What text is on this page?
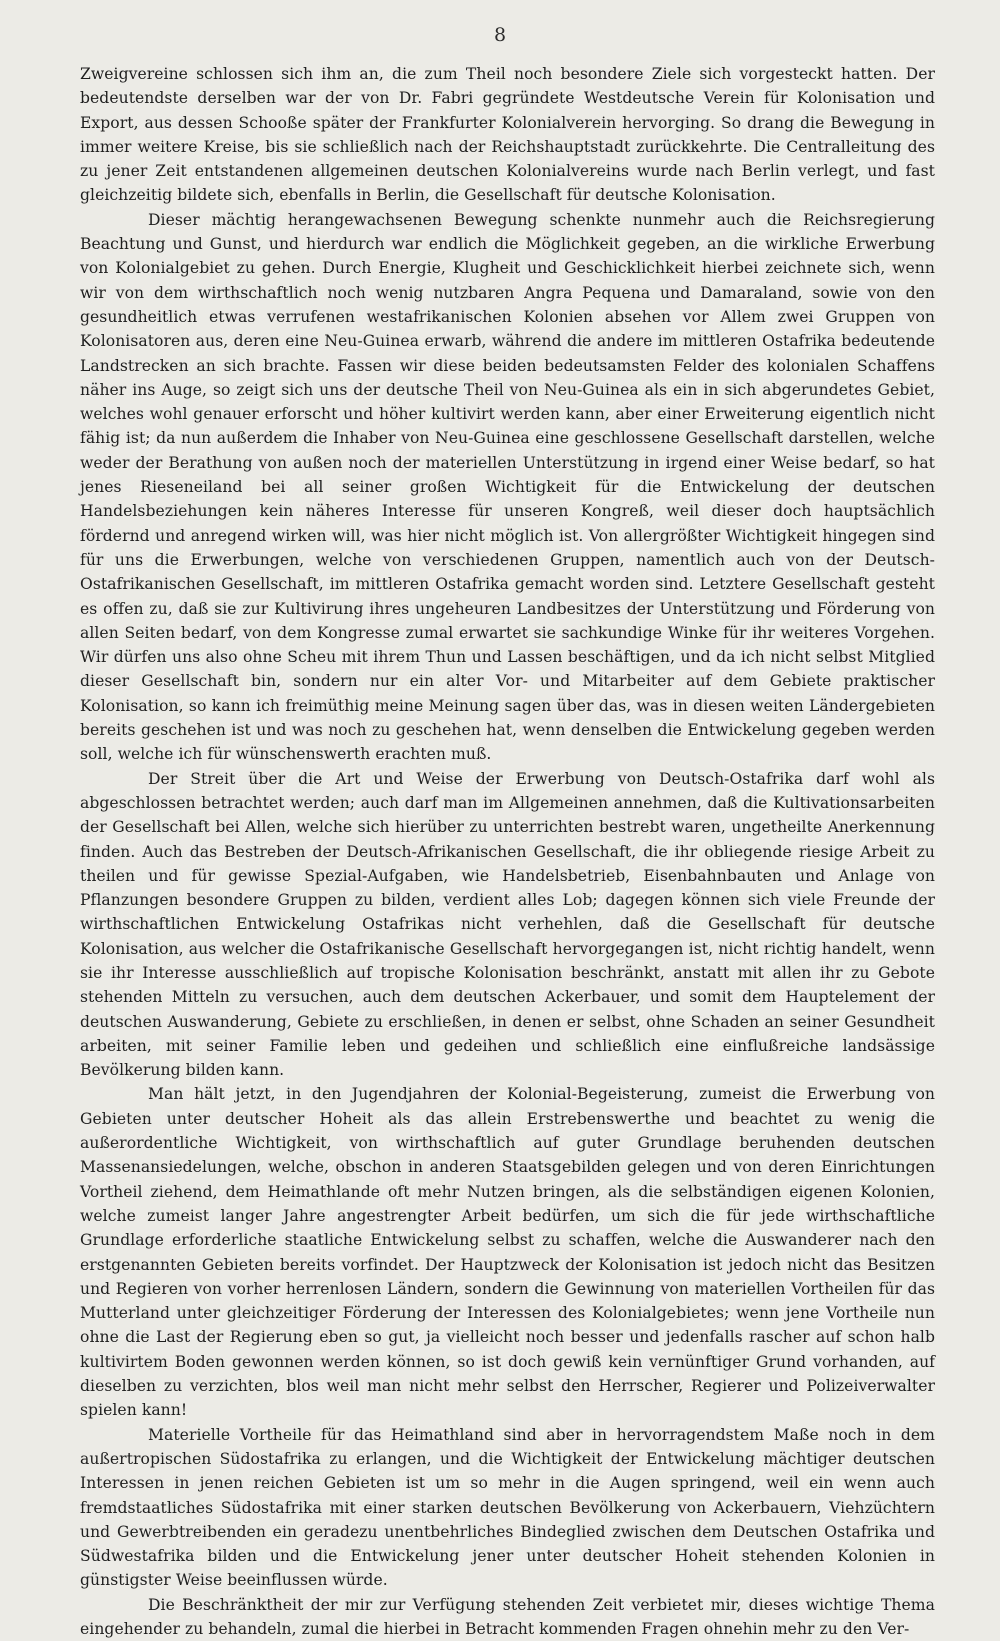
8

Zweigvereine schlossen sich ihm an, die zum Theil noch besondere Ziele sich vorgesteckt hatten. Der bedeutendste derselben war der von Dr. Fabri gegründete Westdeutsche Verein für Kolonisation und Export, aus dessen Schooße später der Frankfurter Kolonialverein hervorging. So drang die Bewegung in immer weitere Kreise, bis sie schließlich nach der Reichshauptstadt zurückkehrte. Die Centralleitung des zu jener Zeit entstandenen allgemeinen deutschen Kolonialvereins wurde nach Berlin verlegt, und fast gleichzeitig bildete sich, ebenfalls in Berlin, die Gesellschaft für deutsche Kolonisation.

Dieser mächtig herangewachsenen Bewegung schenkte nunmehr auch die Reichsregierung Beachtung und Gunst, und hierdurch war endlich die Möglichkeit gegeben, an die wirkliche Erwerbung von Kolonialgebiet zu gehen. Durch Energie, Klugheit und Geschicklichkeit hierbei zeichnete sich, wenn wir von dem wirthschaftlich noch wenig nutzbaren Angra Pequena und Damaraland, sowie von den gesundheitlich etwas verrufenen westafrikanischen Kolonien absehen vor Allem zwei Gruppen von Kolonisatoren aus, deren eine Neu-Guinea erwarb, während die andere im mittleren Ostafrika bedeutende Landstrecken an sich brachte. Fassen wir diese beiden bedeutsamsten Felder des kolonialen Schaffens näher ins Auge, so zeigt sich uns der deutsche Theil von Neu-Guinea als ein in sich abgerundetes Gebiet, welches wohl genauer erforscht und höher kultivirt werden kann, aber einer Erweiterung eigentlich nicht fähig ist; da nun außerdem die Inhaber von Neu-Guinea eine geschlossene Gesellschaft darstellen, welche weder der Berathung von außen noch der materiellen Unterstützung in irgend einer Weise bedarf, so hat jenes Rieseneiland bei all seiner großen Wichtigkeit für die Entwickelung der deutschen Handelsbeziehungen kein näheres Interesse für unseren Kongreß, weil dieser doch hauptsächlich fördernd und anregend wirken will, was hier nicht möglich ist. Von allergrößter Wichtigkeit hingegen sind für uns die Erwerbungen, welche von verschiedenen Gruppen, namentlich auch von der Deutsch-Ostafrikanischen Gesellschaft, im mittleren Ostafrika gemacht worden sind. Letztere Gesellschaft gesteht es offen zu, daß sie zur Kultivirung ihres ungeheuren Landbesitzes der Unterstützung und Förderung von allen Seiten bedarf, von dem Kongresse zumal erwartet sie sachkundige Winke für ihr weiteres Vorgehen. Wir dürfen uns also ohne Scheu mit ihrem Thun und Lassen beschäftigen, und da ich nicht selbst Mitglied dieser Gesellschaft bin, sondern nur ein alter Vor- und Mitarbeiter auf dem Gebiete praktischer Kolonisation, so kann ich freimüthig meine Meinung sagen über das, was in diesen weiten Ländergebieten bereits geschehen ist und was noch zu geschehen hat, wenn denselben die Entwickelung gegeben werden soll, welche ich für wünschenswerth erachten muß.

Der Streit über die Art und Weise der Erwerbung von Deutsch-Ostafrika darf wohl als abgeschlossen betrachtet werden; auch darf man im Allgemeinen annehmen, daß die Kultivationsarbeiten der Gesellschaft bei Allen, welche sich hierüber zu unterrichten bestrebt waren, ungetheilte Anerkennung finden. Auch das Bestreben der Deutsch-Afrikanischen Gesellschaft, die ihr obliegende riesige Arbeit zu theilen und für gewisse Spezial-Aufgaben, wie Handelsbetrieb, Eisenbahnbauten und Anlage von Pflanzungen besondere Gruppen zu bilden, verdient alles Lob; dagegen können sich viele Freunde der wirthschaftlichen Entwickelung Ostafrikas nicht verhehlen, daß die Gesellschaft für deutsche Kolonisation, aus welcher die Ostafrikanische Gesellschaft hervorgegangen ist, nicht richtig handelt, wenn sie ihr Interesse ausschließlich auf tropische Kolonisation beschränkt, anstatt mit allen ihr zu Gebote stehenden Mitteln zu versuchen, auch dem deutschen Ackerbauer, und somit dem Hauptelement der deutschen Auswanderung, Gebiete zu erschließen, in denen er selbst, ohne Schaden an seiner Gesundheit arbeiten, mit seiner Familie leben und gedeihen und schließlich eine einflußreiche landsässige Bevölkerung bilden kann.

Man hält jetzt, in den Jugendjahren der Kolonial-Begeisterung, zumeist die Erwerbung von Gebieten unter deutscher Hoheit als das allein Erstrebenswerthe und beachtet zu wenig die außerordentliche Wichtigkeit, von wirthschaftlich auf guter Grundlage beruhenden deutschen Massenansiedelungen, welche, obschon in anderen Staatsgebilden gelegen und von deren Einrichtungen Vortheil ziehend, dem Heimathlande oft mehr Nutzen bringen, als die selbständigen eigenen Kolonien, welche zumeist langer Jahre angestrengter Arbeit bedürfen, um sich die für jede wirthschaftliche Grundlage erforderliche staatliche Entwickelung selbst zu schaffen, welche die Auswanderer nach den erstgenannten Gebieten bereits vorfindet. Der Hauptzweck der Kolonisation ist jedoch nicht das Besitzen und Regieren von vorher herrenlosen Ländern, sondern die Gewinnung von materiellen Vortheilen für das Mutterland unter gleichzeitiger Förderung der Interessen des Kolonialgebietes; wenn jene Vortheile nun ohne die Last der Regierung eben so gut, ja vielleicht noch besser und jedenfalls rascher auf schon halb kultivirtem Boden gewonnen werden können, so ist doch gewiß kein vernünftiger Grund vorhanden, auf dieselben zu verzichten, blos weil man nicht mehr selbst den Herrscher, Regierer und Polizeiverwalter spielen kann!

Materielle Vortheile für das Heimathland sind aber in hervorragendstem Maße noch in dem außertropischen Südostafrika zu erlangen, und die Wichtigkeit der Entwickelung mächtiger deutschen Interessen in jenen reichen Gebieten ist um so mehr in die Augen springend, weil ein wenn auch fremdstaatliches Südostafrika mit einer starken deutschen Bevölkerung von Ackerbauern, Viehzüchtern und Gewerbtreibenden ein geradezu unentbehrliches Bindeglied zwischen dem Deutschen Ostafrika und Südwestafrika bilden und die Entwickelung jener unter deutscher Hoheit stehenden Kolonien in günstigster Weise beeinflussen würde.

Die Beschränktheit der mir zur Verfügung stehenden Zeit verbietet mir, dieses wichtige Thema eingehender zu behandeln, zumal die hierbei in Betracht kommenden Fragen ohnehin mehr zu den Ver-
